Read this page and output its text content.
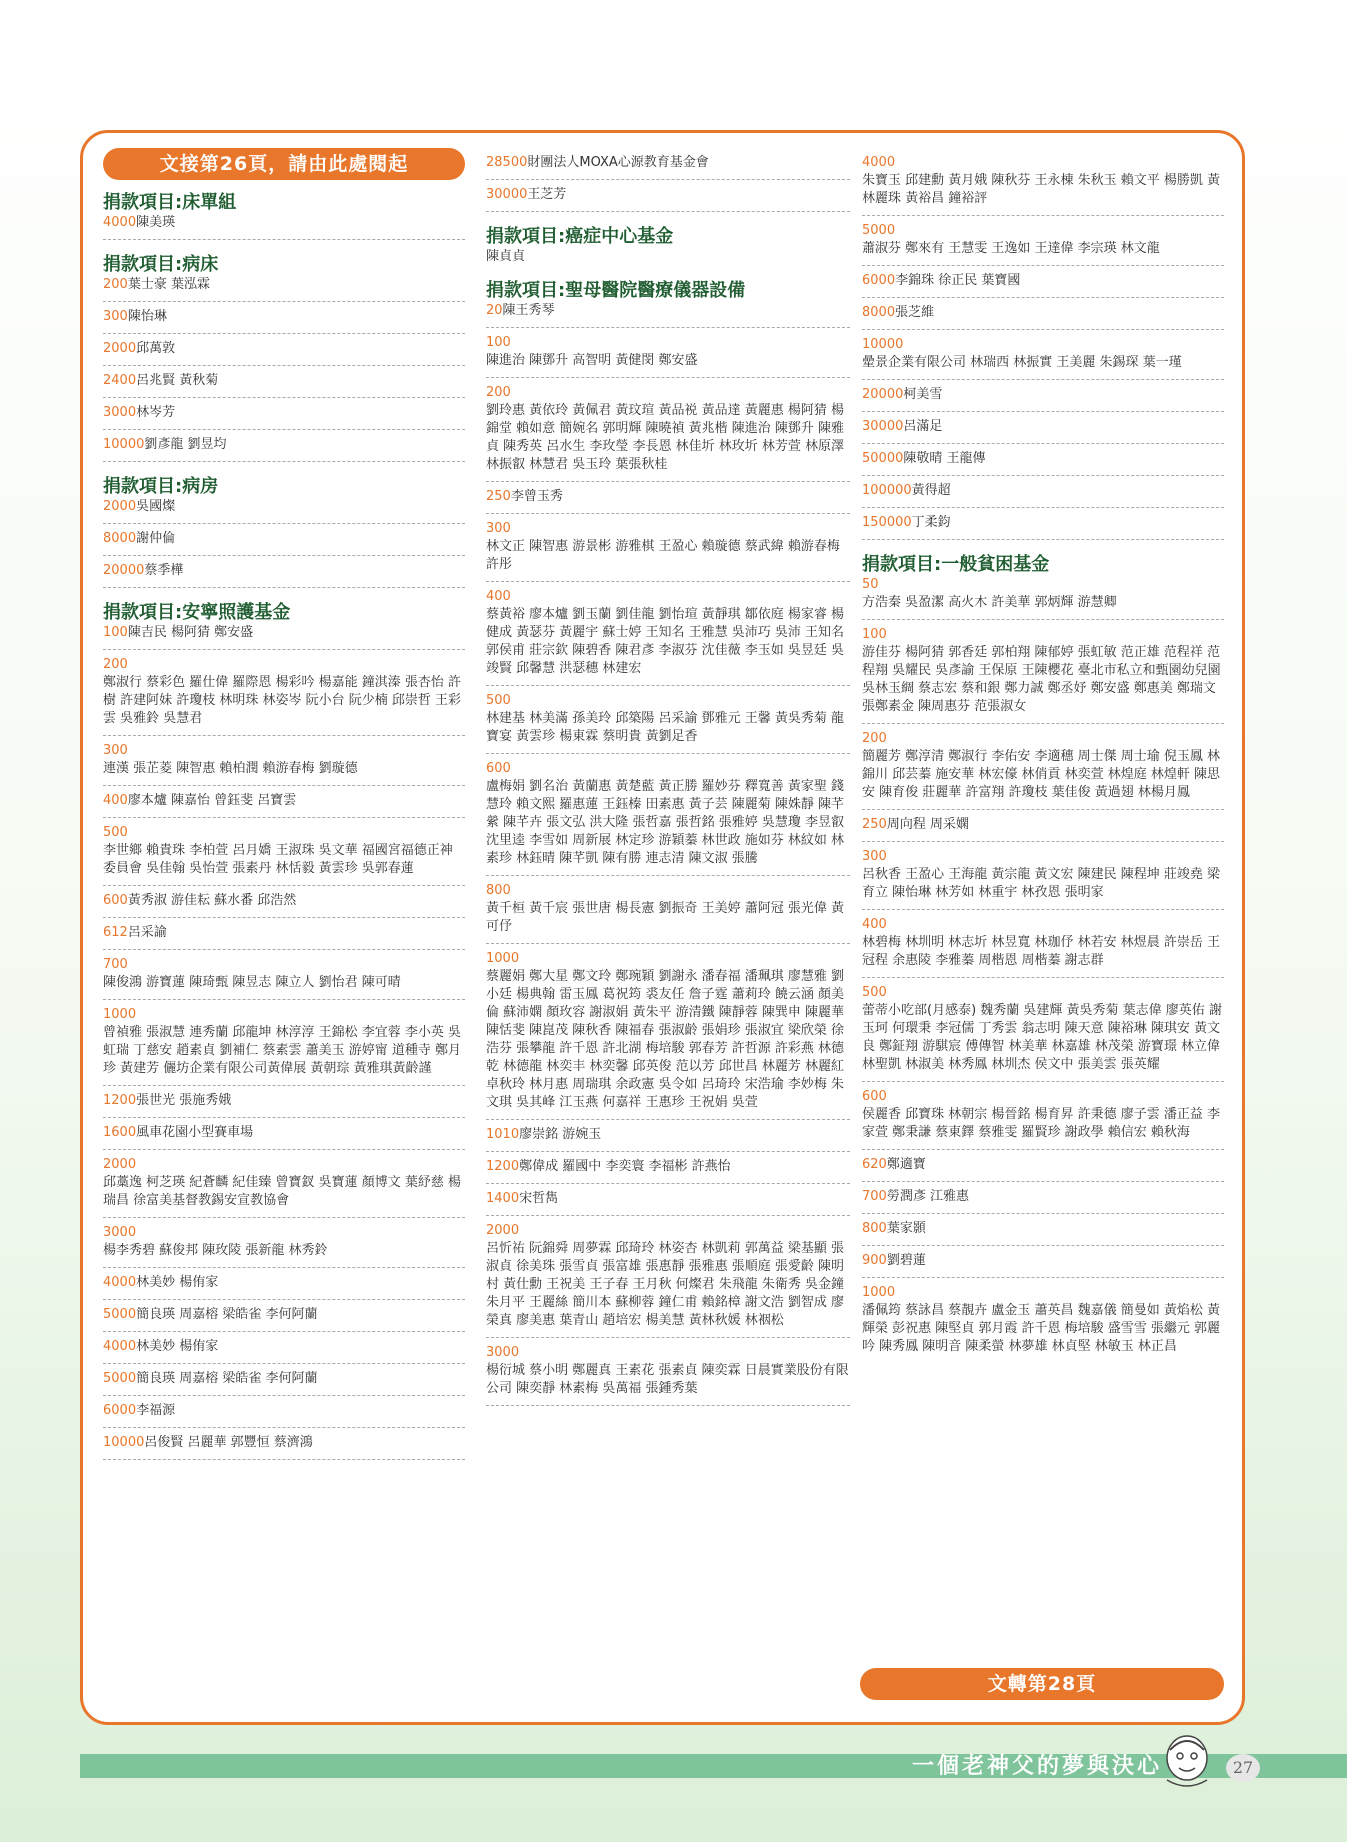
文接第26頁，請由此處閱起
捐款項目:床單組
4000陳美瑛
捐款項目:病床
200葉士豪 葉泓霖
300陳怡琳
2000邱萬敦
2400呂兆賢 黃秋菊
3000林岑芳
10000劉彥龍 劉昱均
捐款項目:病房
2000吳國燦
8000謝仲倫
20000蔡季樺
捐款項目:安寧照護基金
100陳吉民 楊阿猜 鄭安盛
200
鄭淑行 蔡彩色 羅仕偉 羅際恩 楊彩吟 楊嘉能 鐘淇溱 張杏怡 許樹 許建阿妹 許瓊枝 林明珠 林姿岑 阮小台 阮少楠 邱崇哲 王彩雲 吳雅鈴 吳慧君
300
連漢 張芷菱 陳智惠 賴柏潤 賴游春梅 劉璇德
400廖本爐 陳嘉怡 曾鈺斐 呂寶雲
500
李世鄉 賴貴珠 李柏萱 呂月嬌 王淑珠 吳文華 福國宮福德正神委員會 吳佳翰 吳怡萱 張素丹 林恬毅 黃雲珍 吳郭春蓮
600黃秀淑 游佳耘 蘇水番 邱浩然
612呂采諭
700
陳俊鴻 游寶蓮 陳琦甄 陳昱志 陳立人 劉怡君 陳可晴
1000
曾禎雅 張淑慧 連秀蘭 邱龍坤 林淳淳 王錦松 李宜蓉 李小英 吳虹瑞 丁慈安 趙素貞 劉補仁 蔡素雲 蕭美玉 游婷甯 道種寺 鄭月珍 黃建芳 儷坊企業有限公司黃偉展 黃朝琮 黃雅琪黃齡謹
1200張世光 張施秀娥
1600風車花園小型賽車場
2000
邱藁逸 柯芝瑛 紀蒼麟 紀佳臻 曾寶釵 吳寶蓮 顏博文 葉紓慈 楊瑞昌 徐富美基督教錫安宣教協會
3000
楊李秀碧 蘇俊邦 陳玫陵 張新龍 林秀鈴
4000林美妙 楊侑家
5000簡良瑛 周嘉榕 梁皓雀 李何阿蘭
4000林美妙 楊侑家
5000簡良瑛 周嘉榕 梁皓雀 李何阿蘭
6000李福源
10000呂俊賢 呂麗華 郭豐恒 蔡濟鴻
28500財團法人MOXA心源教育基金會
30000王芝芳
捐款項目:癌症中心基金
陳貞貞
捐款項目:聖母醫院醫療儀器設備
20陳王秀琴
100
陳進治 陳鄧升 高智明 黃健閔 鄭安盛
200
劉玲惠 黃依玲 黃佩君 黃玟瑄 黃品裞 黃品達 黃麗惠 楊阿猜 楊錦堂 賴如意 簡婉名 郭明輝 陳曉禎 黃兆楷 陳進治 陳鄧升 陳雅貞 陳秀英 呂水生 李玫瑩 李長恩 林佳圻 林玫圻 林芳萱 林原澤 林振叡 林慧君 吳玉玲 葉張秋桂
250李曾玉秀
300
林文正 陳智惠 游景彬 游雅棋 王盈心 賴璇德 蔡武緯 賴游春梅 許彤
400
蔡黃裕 廖本爐 劉玉蘭 劉佳龍 劉怡瑄 黃靜琪 鄒依庭 楊家睿 楊健成 黃瑟芬 黃麗宇 蘇士婷 王知名 王雅慧 吳沛巧 吳沛 王知名 郭侯甫 莊宗欽 陳碧香 陳君彥 李淑芬 沈佳薇 李玉如 吳昱廷 吳竣賢 邱馨慧 洪瑟穗 林建宏
500
林建基 林美滿 孫美玲 邱築陽 呂采諭 鄧雅元 王馨 黃吳秀菊 龍寶宴 黃雲珍 楊東霖 蔡明貴 黃劉足香
600
盧梅娟 劉名治 黃蘭惠 黃楚藍 黃正勝 羅妙芬 釋寬善 黃家聖 錢慧玲 賴文熙 羅惠蓮 王鈺榛 田素惠 黃子芸 陳麗菊 陳姝靜 陳芊縈 陳芊卉 張文弘 洪大隆 張哲嘉 張哲銘 張雅婷 吳慧瓊 李昱叡 沈里逵 李雪如 周新展 林定珍 游穎蓁 林世政 施如芬 林紋如 林素珍 林鈺晴 陳芊凱 陳有勝 連志清 陳文淑 張騰
800
黃千桓 黃千宸 張世唐 楊長憲 劉振奇 王美婷 蕭阿冠 張光偉 黃可伃
1000
蔡麗娟 鄭大星 鄭文玲 鄭琬穎 劉謝永 潘春福 潘珮琪 廖慧雅 劉小廷 楊典翰 雷玉鳳 葛祝筠 裘友任 詹子霆 蕭莉玲 饒云涵 顏美倫 蘇沛嫻 顏玫容 謝淑娟 黃朱平 游清鐵 陳靜蓉 陳巽申 陳麗華 陳恬斐 陳崑茂 陳秋香 陳福春 張淑齡 張娟珍 張淑宜 梁欣榮 徐浩芬 張攀龍 許千恩 許北湖 梅培駿 郭春芳 許哲源 許彩燕 林德乾 林德龍 林奕丰 林奕馨 邱英俊 范以芳 邱世昌 林麗芳 林麗紅 卓秋玲 林月惠 周瑞琪 余政憲 吳令如 呂琦玲 宋浩瑜 李妙梅 朱文琪 吳其峰 江玉燕 何嘉祥 王惠珍 王祝娟 吳萱
1010廖崇銘 游婉玉
1200鄭偉成 羅國中 李奕寰 李福彬 許燕怡
1400宋哲雋
2000
呂忻祐 阮錦舜 周夢霖 邱琦玲 林姿杏 林凱莉 郭萬益 梁基顯 張淑貞 徐美珠 張雪貞 張富雄 張惠靜 張雅惠 張順庭 張愛齡 陳明村 黃仕勳 王祝美 王子春 王月秋 何燦君 朱飛龍 朱衛秀 吳金鐘 朱月平 王麗絲 簡川本 蘇柳蓉 鐘仁甫 賴銘樟 謝文浩 劉智成 廖榮真 廖美惠 葉青山 趙培宏 楊美慧 黃林秋媛 林裀松
3000
楊衍城 蔡小明 鄭麗真 王素花 張素貞 陳奕霖 日晨實業股份有限公司 陳奕靜 林素梅 吳萬福 張鍾秀葉
4000
朱寶玉 邱建勳 黃月娥 陳秋芬 王永棟 朱秋玉 賴文平 楊勝凱 黃林麗珠 黃裕昌 鐘裕評
5000
蕭淑芬 鄭來有 王慧雯 王逸如 王達偉 李宗瑛 林文龍
6000李錦珠 徐正民 葉寶國
8000張芝維
10000
曐景企業有限公司 林瑞西 林振實 王美麗 朱錫琛 葉一瑾
20000柯美雪
30000呂滿足
50000陳敬晴 王龍傳
100000黃得超
150000丁柔鈞
捐款項目:一般貧困基金
50
方浩秦 吳盈潔 高火木 許美華 郭炳輝 游慧卿
100
游佳芬 楊阿猜 郭香廷 郭柏翔 陳郁婷 張虹敏 范正雄 范程祥 范程翔 吳耀民 吳彥諭 王保原 王陳櫻花 臺北市私立和甄園幼兒園 吳林玉綢 蔡志宏 蔡和銀 鄭力誠 鄭丞妤 鄭安盛 鄭惠美 鄭瑞文 張鄭素金 陳周惠芬 范張淑女
200
簡麗芳 鄭淳清 鄭淑行 李佑安 李適穗 周士傑 周士瑜 倪玉鳳 林錦川 邱芸蓁 施安華 林宏儫 林俏貢 林奕萱 林煌庭 林煌軒 陳思安 陳育俊 莊麗華 許富翔 許瓊枝 葉佳俊 黃過翅 林楊月鳳
250周向程 周采嫻
300
呂秋香 王盈心 王海龍 黃宗龍 黃文宏 陳建民 陳程坤 莊竣堯 梁育立 陳怡琳 林芳如 林重宇 林孜恩 張明家
400
林碧梅 林圳明 林志圻 林昱寬 林珈伃 林若安 林煜晨 許崇岳 王冠程 余惠陵 李雅蓁 周楷恩 周楷蓁 謝志群
500
蕾蒂小吃部(月感泰) 魏秀蘭 吳建輝 黃吳秀菊 葉志偉 廖英佑 謝玉珂 何環秉 李冠儒 丁秀雲 翁志明 陳天意 陳裕琳 陳琪安 黃文良 鄭鉦翔 游騏宸 傅傳智 林美華 林嘉雄 林茂榮 游寶璟 林立偉 林聖凱 林淑美 林秀鳳 林圳杰 侯文中 張美雲 張英耀
600
侯麗香 邱寶珠 林朝宗 楊晉銘 楊育昇 許秉德 廖子雲 潘正益 李家萱 鄭秉謙 蔡東鐸 蔡雅雯 羅賢珍 謝政學 賴信宏 賴秋海
620鄭適寶
700勞潤彥 江雅惠
800葉家顥
900劉碧蓮
1000
潘佩筠 蔡詠昌 蔡靚卉 盧金玉 蕭英昌 魏嘉儀 簡曼如 黃焰松 黃輝榮 彭祝惠 陳堅貞 郭月霞 許千恩 梅培駿 盛雪雪 張繼元 郭麗吟 陳秀鳳 陳明音 陳柔螢 林夢雄 林貞堅 林敏玉 林正昌
文轉第28頁
一個老神父的夢與決心	27
